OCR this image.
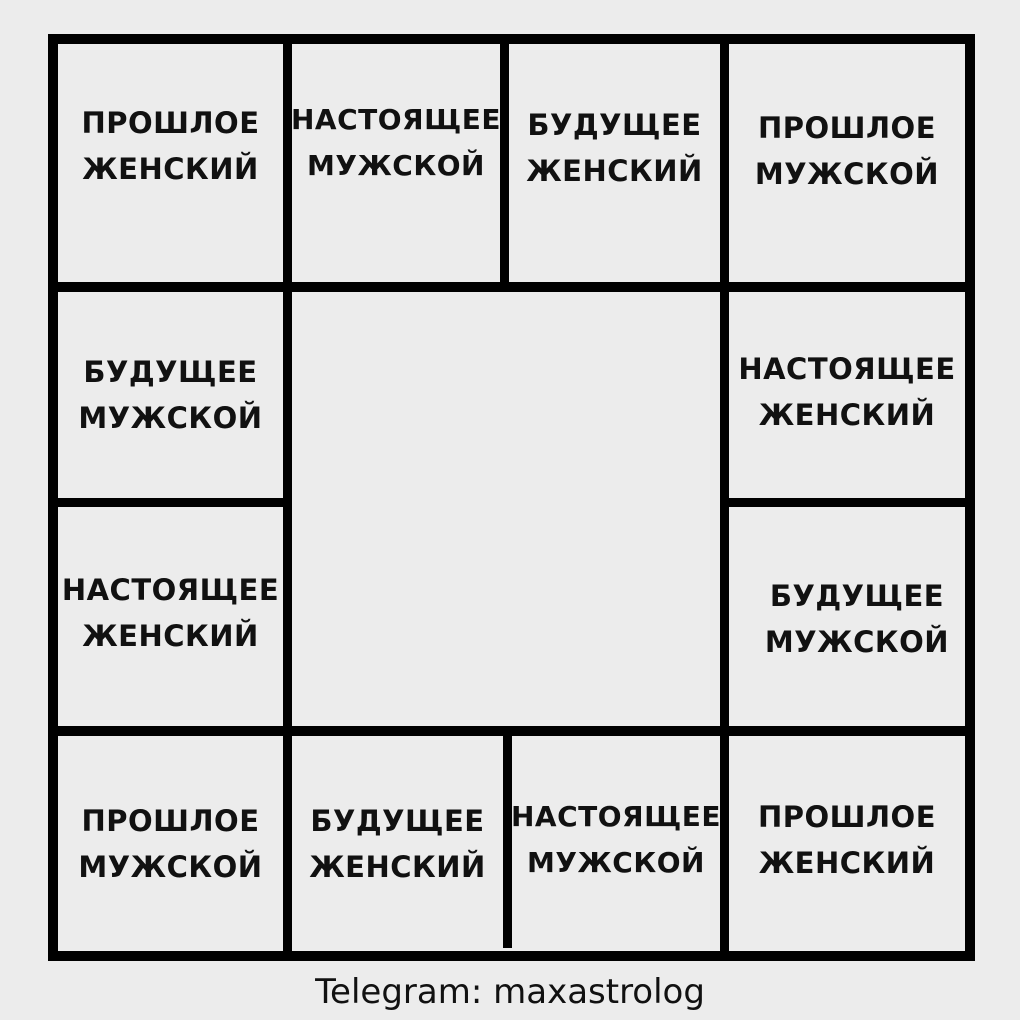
ПРОШЛОЕ
ЖЕНСКИЙ
НАСТОЯЩЕЕ
МУЖСКОЙ
БУДУЩЕЕ
ЖЕНСКИЙ
ПРОШЛОЕ
МУЖСКОЙ
БУДУЩЕЕ
МУЖСКОЙ
НАСТОЯЩЕЕ
ЖЕНСКИЙ
НАСТОЯЩЕЕ
ЖЕНСКИЙ
БУДУЩЕЕ
МУЖСКОЙ
ПРОШЛОЕ
МУЖСКОЙ
БУДУЩЕЕ
ЖЕНСКИЙ
НАСТОЯЩЕЕ
МУЖСКОЙ
ПРОШЛОЕ
ЖЕНСКИЙ
Telegram: maxastrolog
